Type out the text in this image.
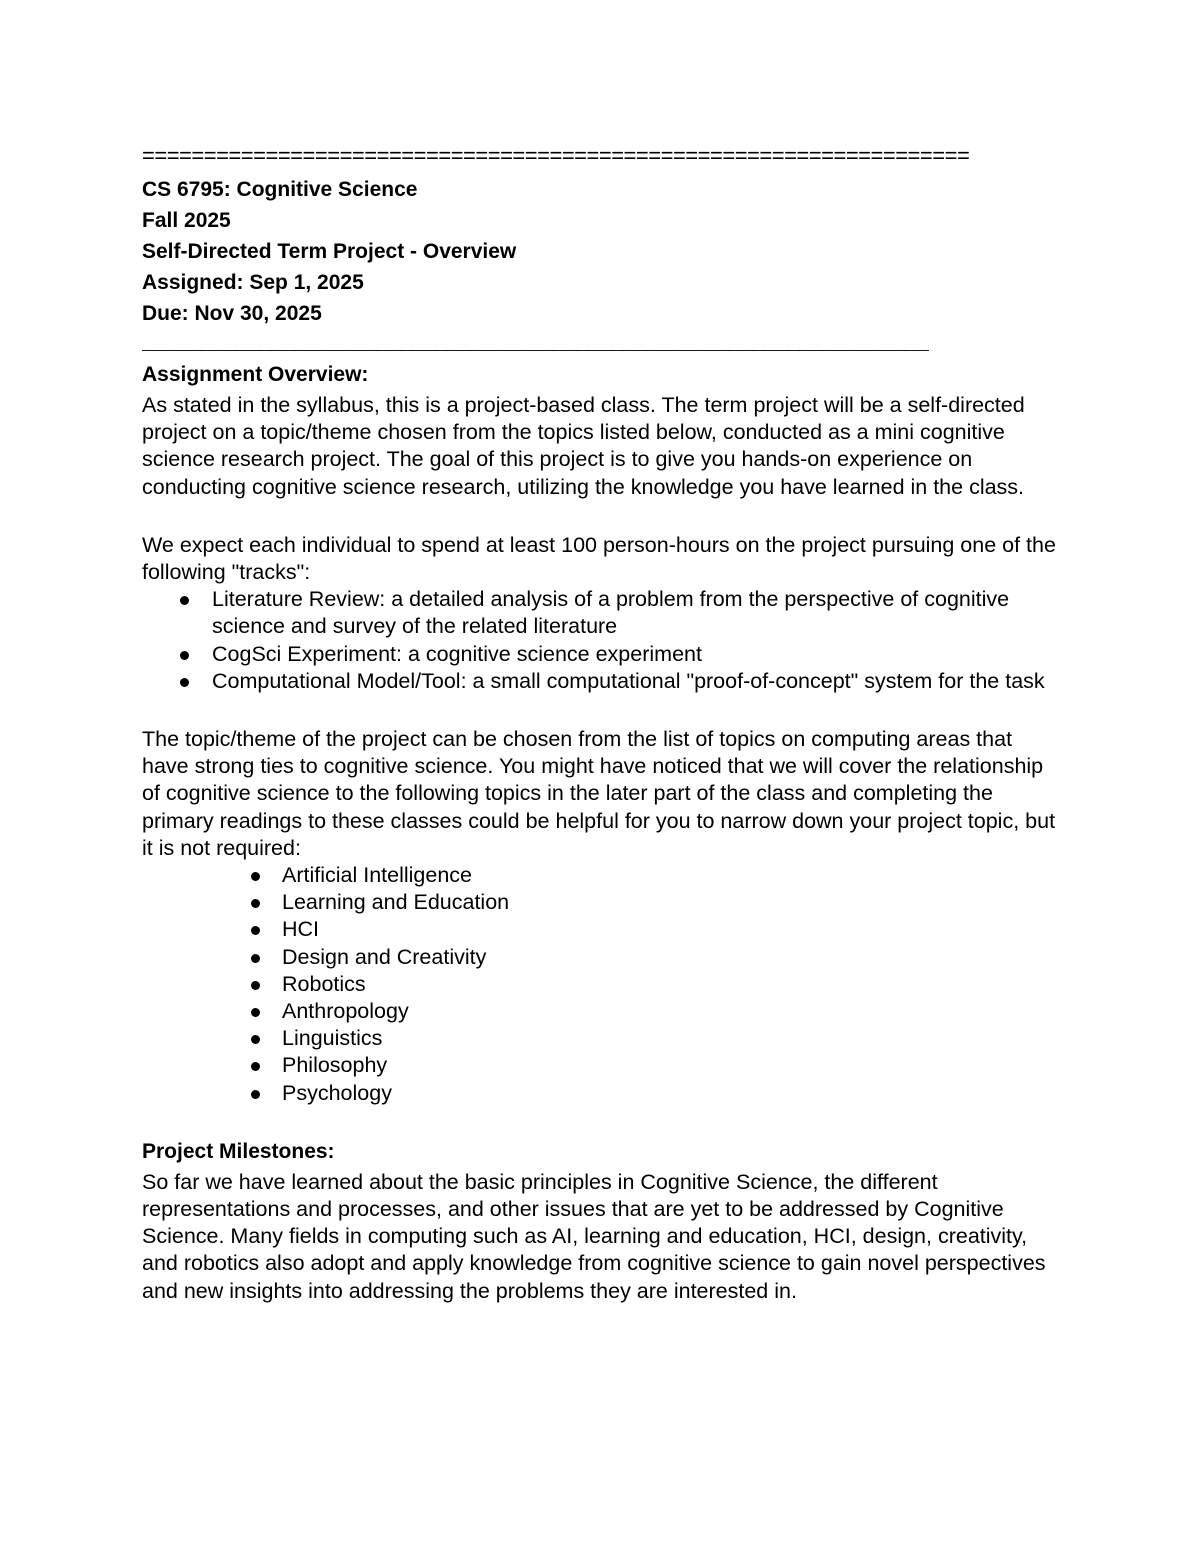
===================================================================
CS 6795: Cognitive Science
Fall 2025
Self-Directed Term Project - Overview
Assigned: Sep 1, 2025
Due: Nov 30, 2025
___________________________________________________________________
Assignment Overview:

As stated in the syllabus, this is a project-based class. The term project will be a self-directed project on a topic/theme chosen from the topics listed below, conducted as a mini cognitive science research project. The goal of this project is to give you hands-on experience on conducting cognitive science research, utilizing the knowledge you have learned in the class.

We expect each individual to spend at least 100 person-hours on the project pursuing one of the following "tracks":

Literature Review: a detailed analysis of a problem from the perspective of cognitive science and survey of the related literature
CogSci Experiment: a cognitive science experiment
Computational Model/Tool: a small computational "proof-of-concept" system for the task

The topic/theme of the project can be chosen from the list of topics on computing areas that have strong ties to cognitive science. You might have noticed that we will cover the relationship of cognitive science to the following topics in the later part of the class and completing the primary readings to these classes could be helpful for you to narrow down your project topic, but it is not required:

Artificial Intelligence
Learning and Education
HCI
Design and Creativity
Robotics
Anthropology
Linguistics
Philosophy
Psychology
Project Milestones:

So far we have learned about the basic principles in Cognitive Science, the different representations and processes, and other issues that are yet to be addressed by Cognitive Science. Many fields in computing such as AI, learning and education, HCI, design, creativity, and robotics also adopt and apply knowledge from cognitive science to gain novel perspectives and new insights into addressing the problems they are interested in.
